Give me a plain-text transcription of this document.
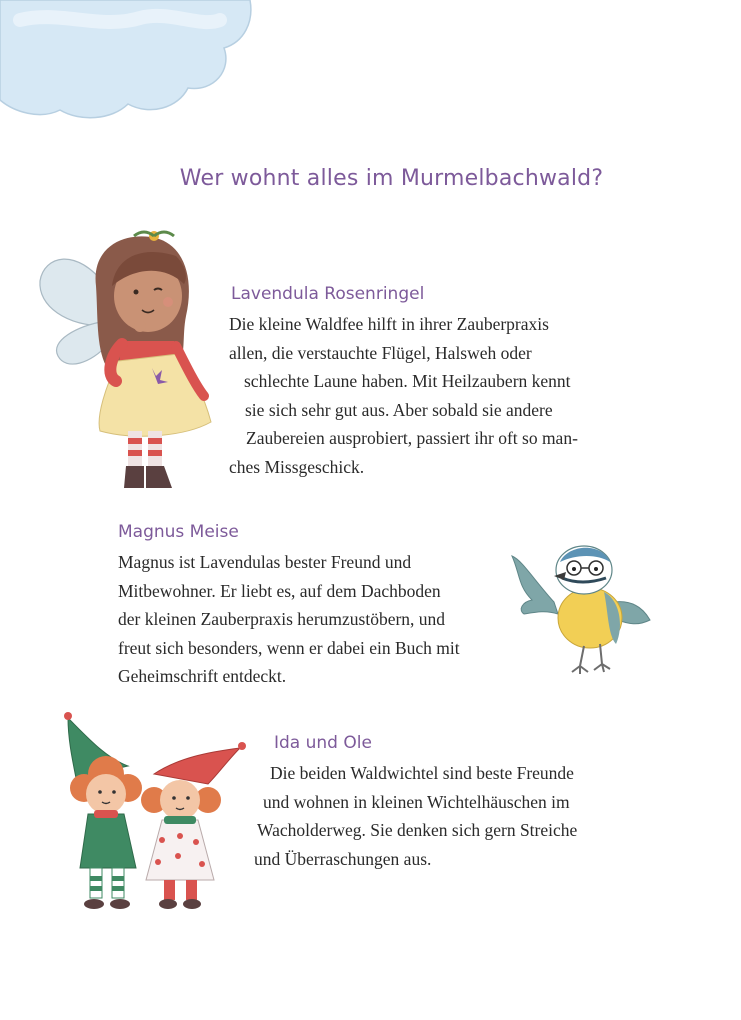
Wer wohnt alles im Murmelbachwald?
Lavendula Rosenringel
Die kleine Waldfee hilft in ihrer Zauberpraxis
allen, die verstauchte Flügel, Halsweh oder
schlechte Laune haben. Mit Heilzaubern kennt
sie sich sehr gut aus. Aber sobald sie andere
Zaubereien ausprobiert, passiert ihr oft so man-
ches Missgeschick.
Magnus Meise
Magnus ist Lavendulas bester Freund und
Mitbewohner. Er liebt es, auf dem Dachboden
der kleinen Zauberpraxis herumzustöbern, und
freut sich besonders, wenn er dabei ein Buch mit
Geheimschrift entdeckt.
Ida und Ole
Die beiden Waldwichtel sind beste Freunde
und wohnen in kleinen Wichtelhäuschen im
Wacholderweg. Sie denken sich gern Streiche
und Überraschungen aus.
